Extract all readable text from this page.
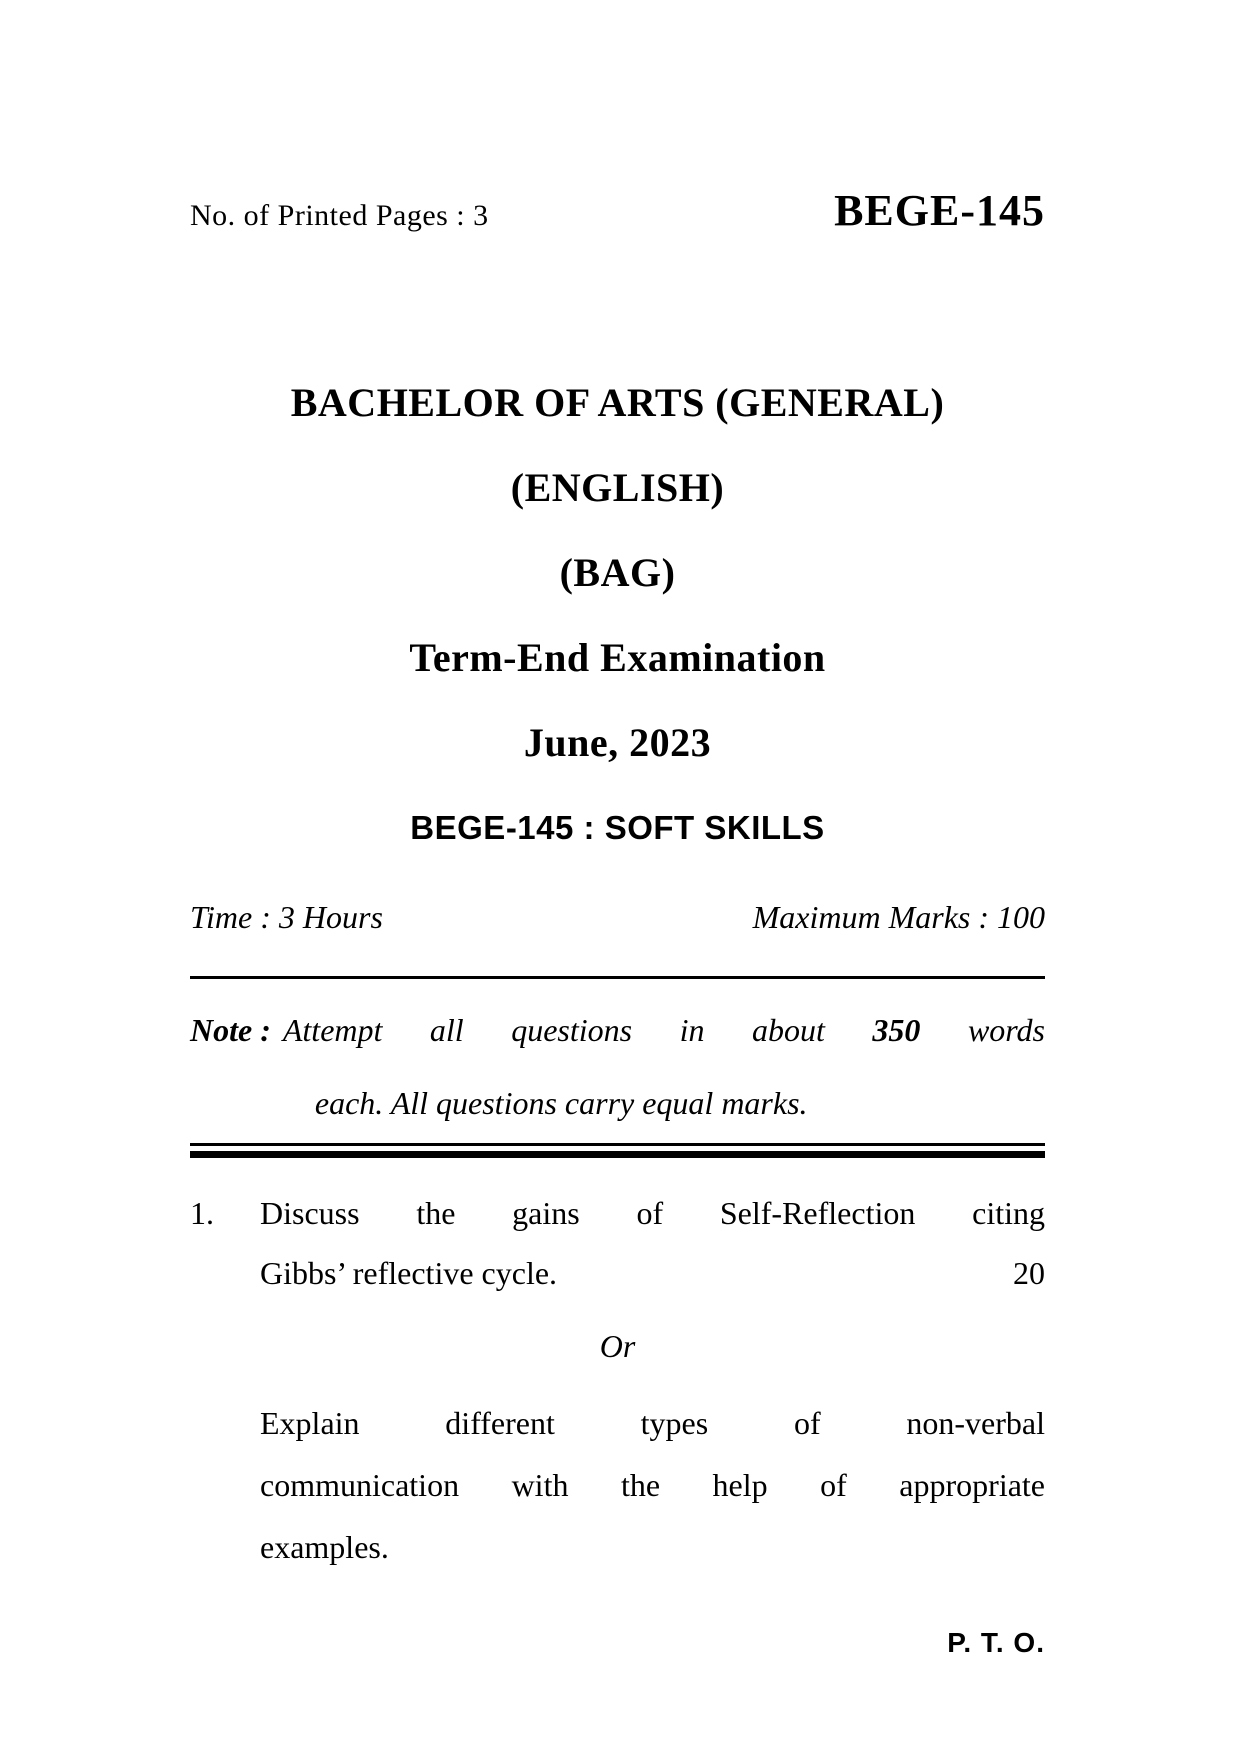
No. of Printed Pages : 3	BEGE-145
BACHELOR OF ARTS (GENERAL)
(ENGLISH)
(BAG)
Term-End Examination
June, 2023
BEGE-145 : SOFT SKILLS
Time : 3 Hours	Maximum Marks : 100
Note : Attempt all questions in about 350 words
each. All questions carry equal marks.
1.	Discuss the gains of Self-Reflection citing
Gibbs’ reflective cycle.	20
Or
Explain different types of non-verbal
communication with the help of appropriate
examples.
P. T. O.
